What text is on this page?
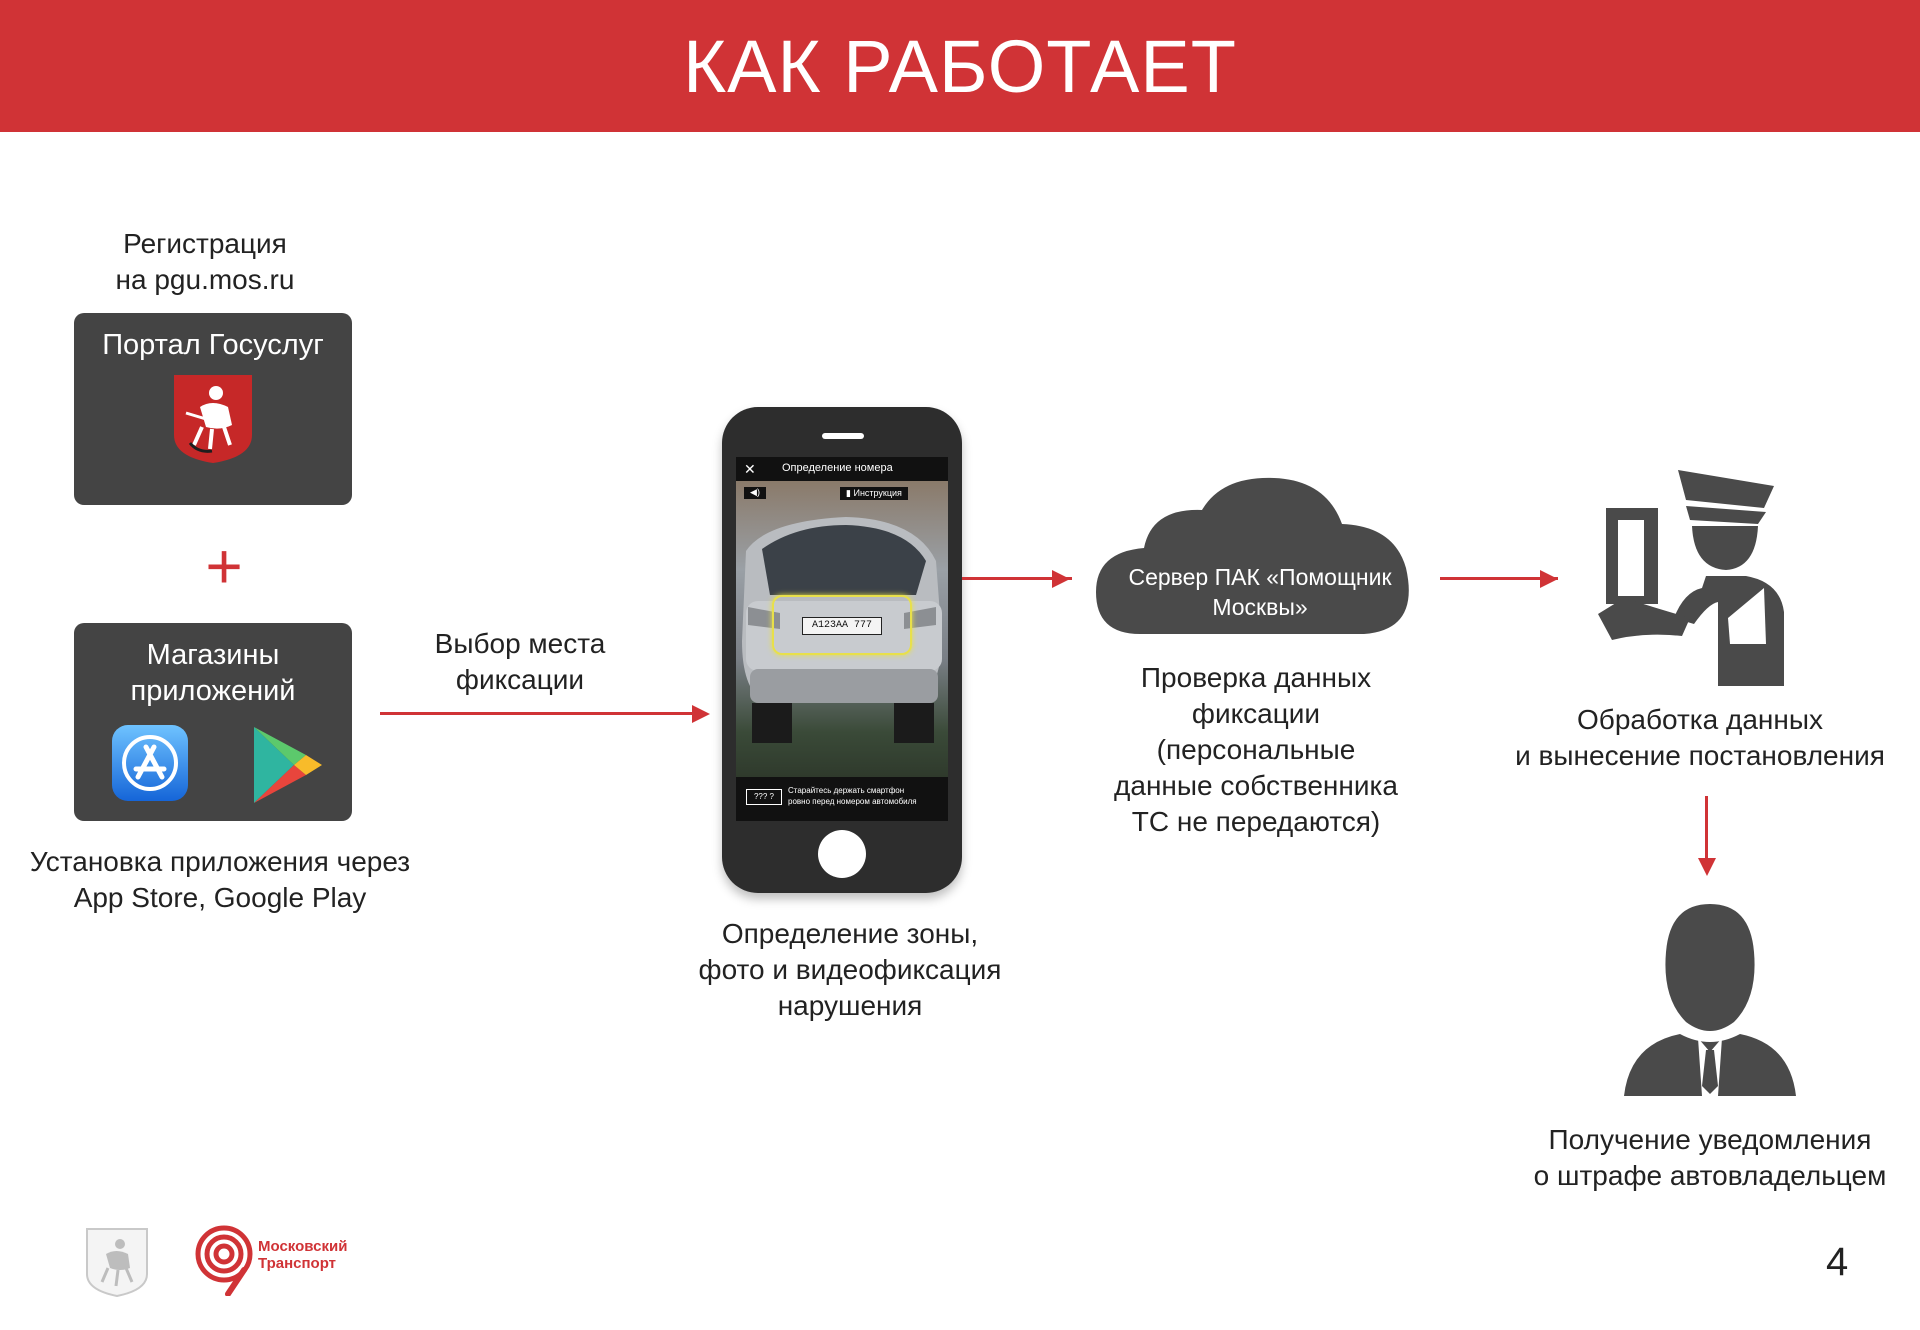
КАК РАБОТАЕТ
Регистрация
на pgu.mos.ru
Портал Госуслуг
+
Магазины
приложений
Установка приложения через
App Store, Google Play
Выбор места
фиксации
✕ Определение номера
◀)	▮ Инструкция
А123АА 777
??? ?
Старайтесь держать смартфон
ровно перед номером автомобиля
Определение зоны,
фото и видеофиксация
нарушения
Сервер ПАК «Помощник
Москвы»
Проверка данных
фиксации
(персональные
данные собственника
ТС не передаются)
Обработка данных
и вынесение постановления
Получение уведомления
о штрафе автовладельцем
Московский
Транспорт	4
